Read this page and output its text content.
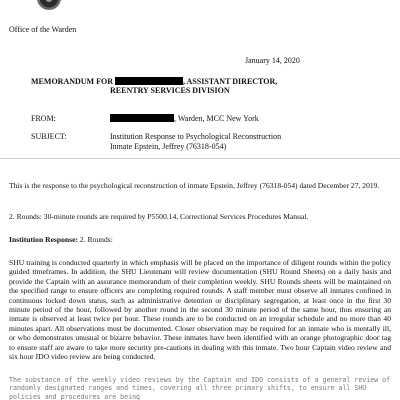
Office of the Warden
January 14, 2020
MEMORANDUM FOR	, ASSISTANT DIRECTOR,
REENTRY SERVICES DIVISION
FROM:	, Warden, MCC New York
SUBJECT:	Institution Response to Psychological Reconstruction
Inmate Epstein, Jeffrey (76318-054)
This is the response to the psychological reconstruction of inmate Epstein, Jeffrey (76318-054) dated December 27, 2019.
2. Rounds: 30-minute rounds are required by P5500.14, Correctional Services Procedures Manual.
Institution Response: 2. Rounds:
SHU training is conducted quarterly in which emphasis will be placed on the importance of diligent rounds within the policy guided timeframes. In addition, the SHU Lieutenant will review documentation (SHU Round Sheets) on a daily basis and provide the Captain with an assurance memorandum of their completion weekly. SHU Rounds sheets will be maintained on the specified range to ensure officers are completing required rounds. A staff member must observe all inmates confined in continuous locked down status, such as administrative detention or disciplinary segregation, at least once in the first 30 minute period of the hour, followed by another round in the second 30 minute period of the same hour, thus ensuring an inmate is observed at least twice per hour. These rounds are to be conducted on an irregular schedule and no more than 40 minutes apart. All observations must be documented. Closer observation may be required for an inmate who is mentally ill, or who demonstrates unusual or bizarre behavior. These inmates have been identified with an orange photographic door tag to ensure staff are aware to take more security pre-cautions in dealing with this inmate. Two hour Captain video review and six hour IDO video review are being conducted.
The substance of the weekly video reviews by the Captain and IDO consists of a general review of randomly designated ranges and times, covering all three primary shifts, to ensure all SHU policies and procedures are being
